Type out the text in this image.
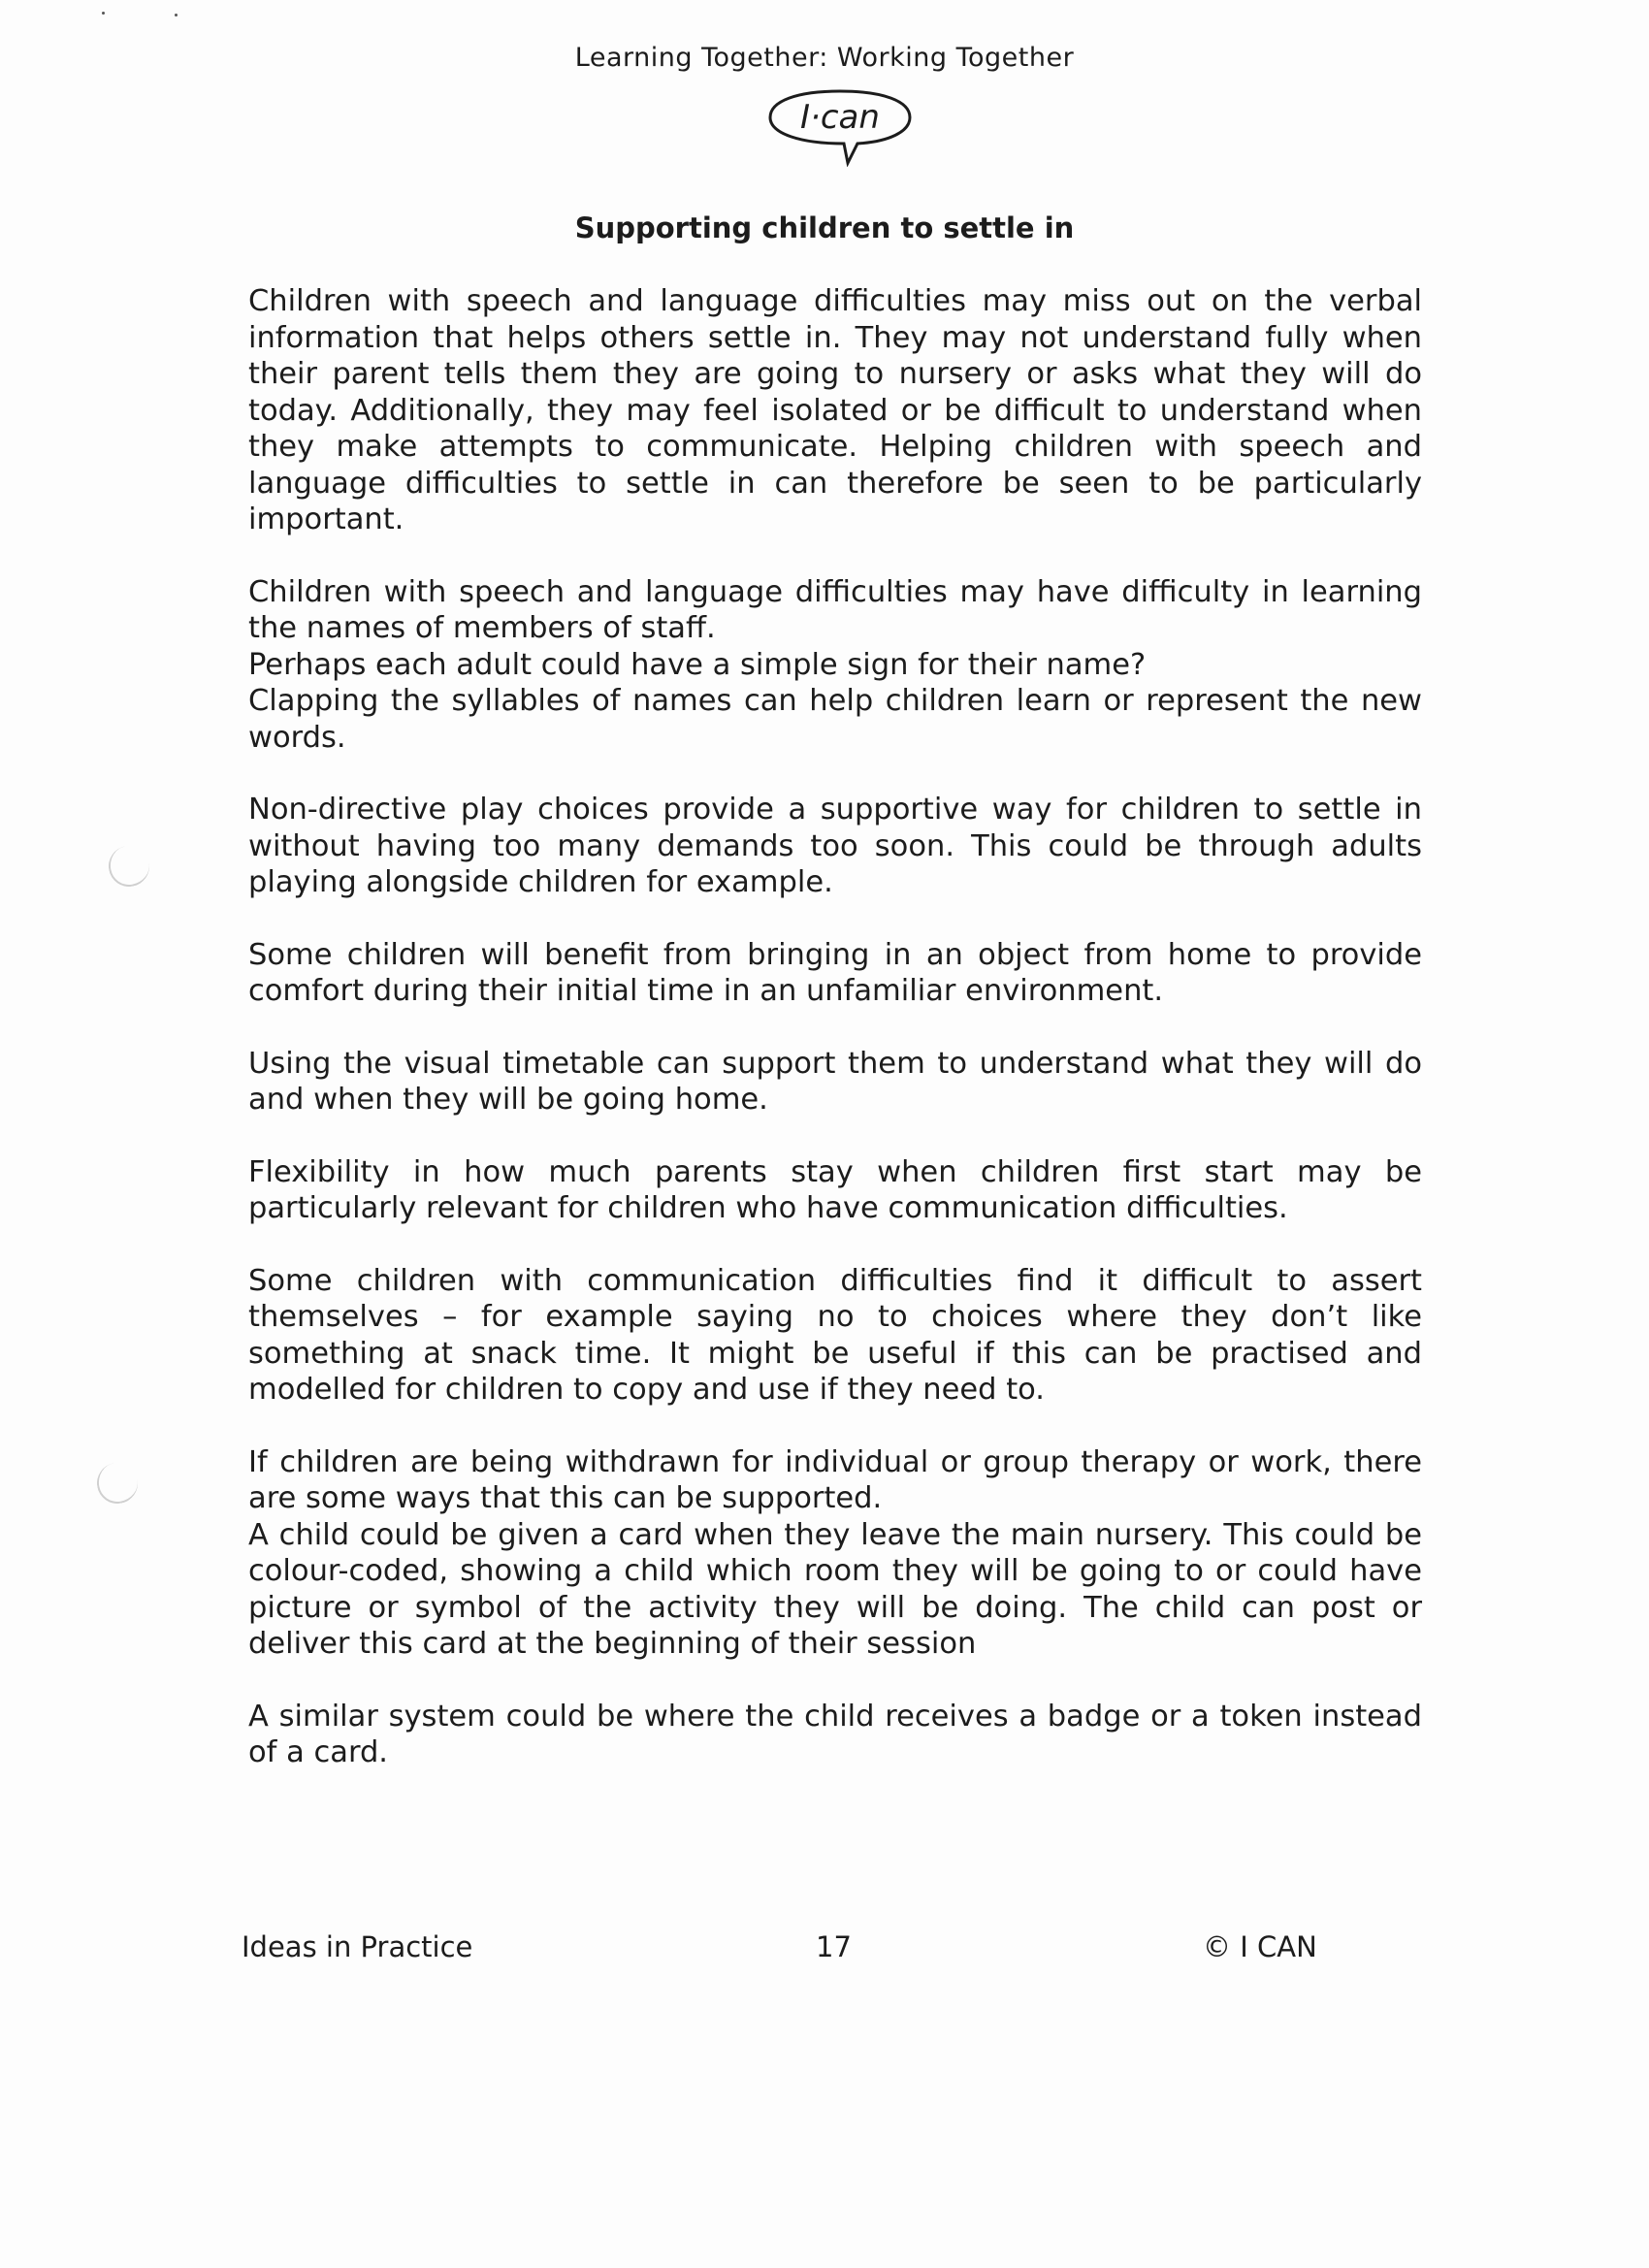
Learning Together: Working Together
I·can
Supporting children to settle in
Children with speech and language difficulties may miss out on the verbal information that helps others settle in. They may not understand fully when their parent tells them they are going to nursery or asks what they will do today. Additionally, they may feel isolated or be difficult to understand when they make attempts to communicate. Helping children with speech and language difficulties to settle in can therefore be seen to be particularly important.
Children with speech and language difficulties may have difficulty in learning the names of members of staff.
Perhaps each adult could have a simple sign for their name?
Clapping the syllables of names can help children learn or represent the new words.
Non-directive play choices provide a supportive way for children to settle in without having too many demands too soon. This could be through adults playing alongside children for example.
Some children will benefit from bringing in an object from home to provide comfort during their initial time in an unfamiliar environment.
Using the visual timetable can support them to understand what they will do and when they will be going home.
Flexibility in how much parents stay when children first start may be particularly relevant for children who have communication difficulties.
Some children with communication difficulties find it difficult to assert themselves – for example saying no to choices where they don’t like something at snack time. It might be useful if this can be practised and modelled for children to copy and use if they need to.
If children are being withdrawn for individual or group therapy or work, there are some ways that this can be supported.
A child could be given a card when they leave the main nursery. This could be colour-coded, showing a child which room they will be going to or could have picture or symbol of the activity they will be doing. The child can post or deliver this card at the beginning of their session
A similar system could be where the child receives a badge or a token instead of a card.
Ideas in Practice	17	© I CAN
